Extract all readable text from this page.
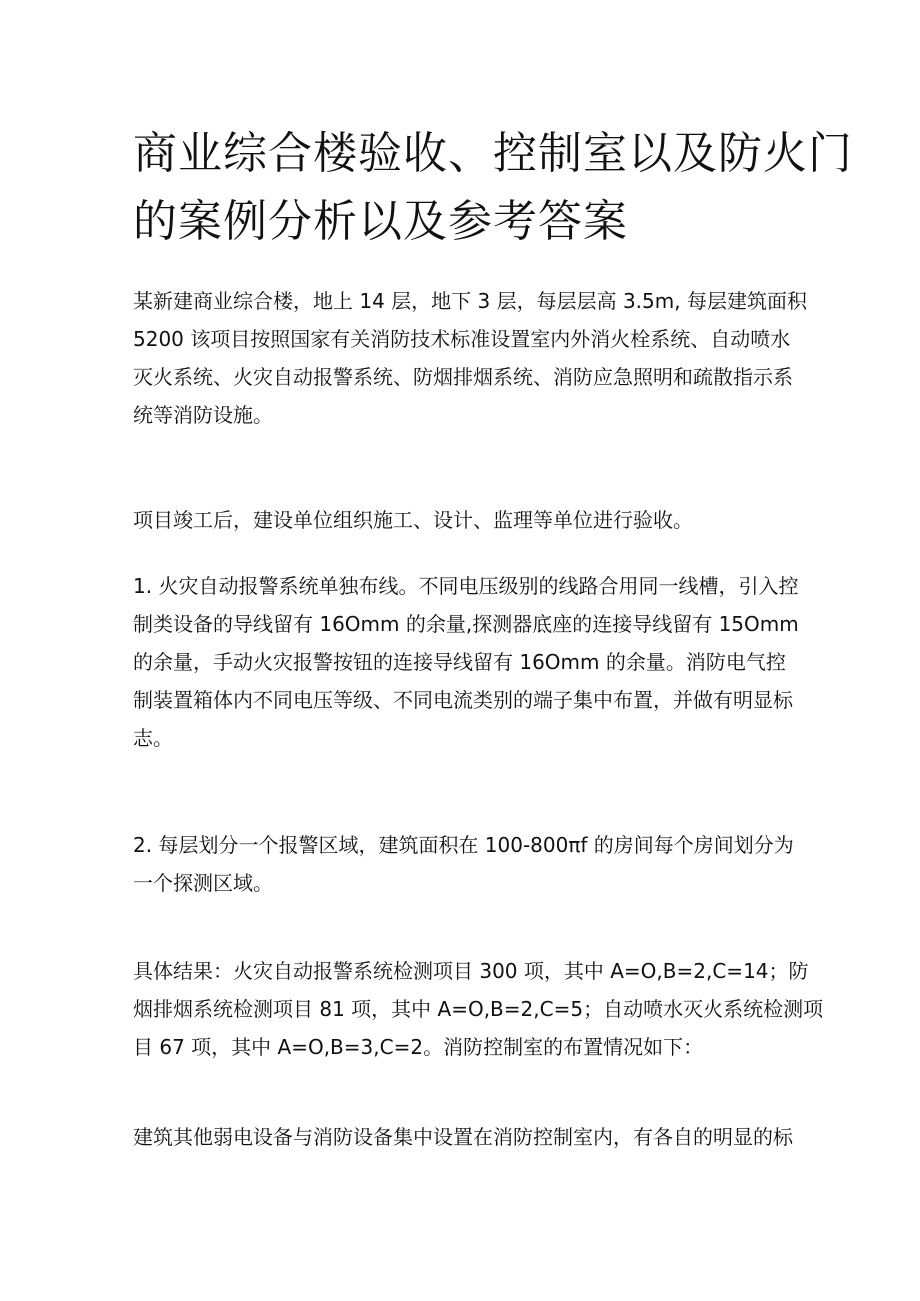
商业综合楼验收、控制室以及防火门
的案例分析以及参考答案

某新建商业综合楼，地上 14 层，地下 3 层，每层层高 3.5m, 每层建筑面积
5200 该项目按照国家有关消防技术标准设置室内外消火栓系统、自动喷水
灭火系统、火灾自动报警系统、防烟排烟系统、消防应急照明和疏散指示系
统等消防设施。

项目竣工后，建设单位组织施工、设计、监理等单位进行验收。

1. 火灾自动报警系统单独布线。不同电压级别的线路合用同一线槽，引入控
制类设备的导线留有 16Omm 的余量,探测器底座的连接导线留有 15Omm
的余量，手动火灾报警按钮的连接导线留有 16Omm 的余量。消防电气控
制装置箱体内不同电压等级、不同电流类别的端子集中布置，并做有明显标
志。

2. 每层划分一个报警区域，建筑面积在 100-800πf 的房间每个房间划分为
一个探测区域。

具体结果：火灾自动报警系统检测项目 300 项，其中 A=O,B=2,C=14；防
烟排烟系统检测项目 81 项，其中 A=O,B=2,C=5；自动喷水灭火系统检测项
目 67 项，其中 A=O,B=3,C=2。消防控制室的布置情况如下：

建筑其他弱电设备与消防设备集中设置在消防控制室内，有各自的明显的标
